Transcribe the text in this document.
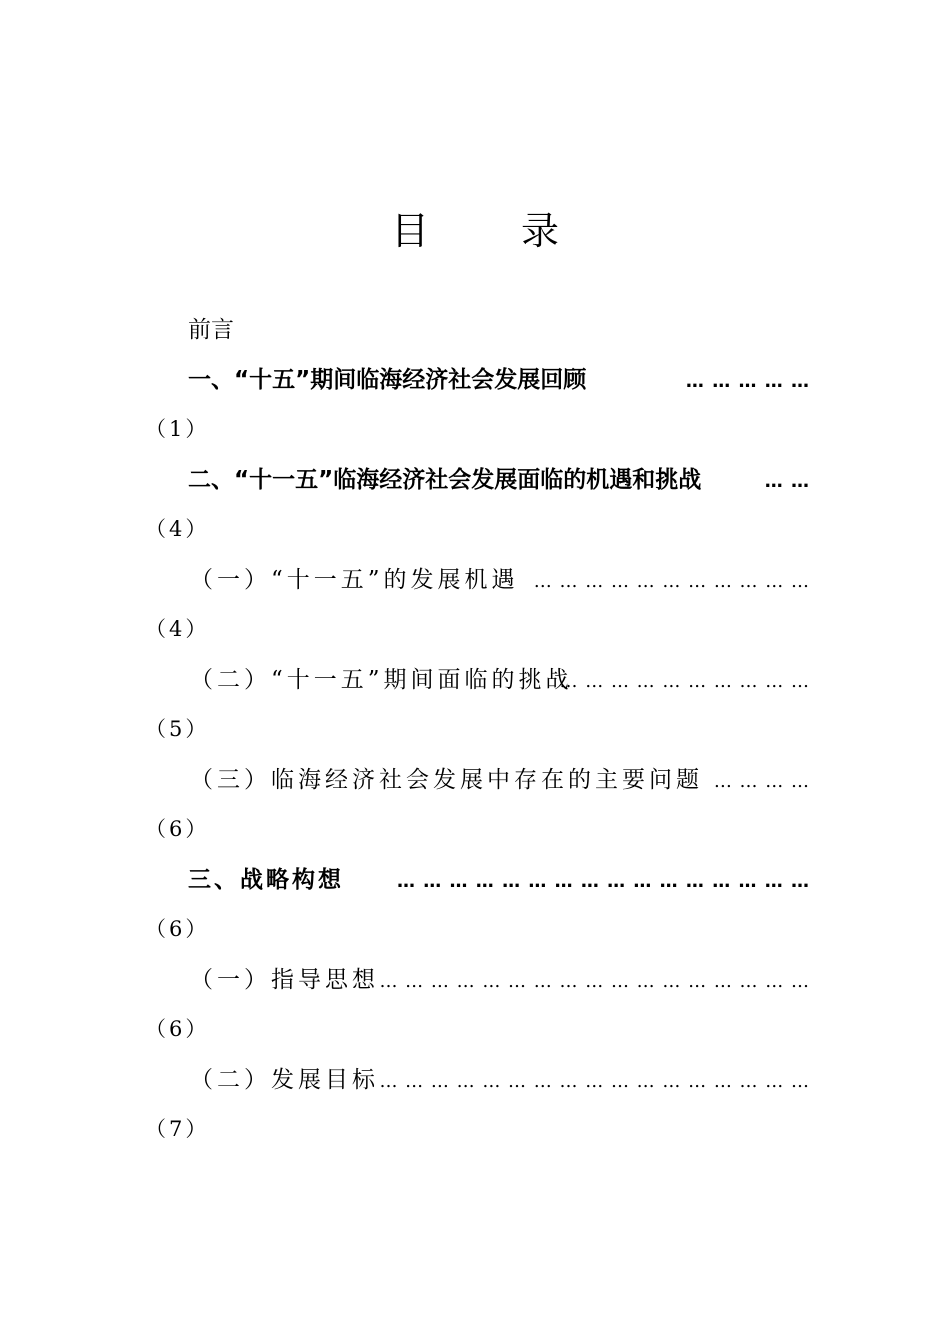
目 录
前言
一、“十五”期间临海经济社会发展回顾	… … … … …
（1）
二、“十一五”临海经济社会发展面临的机遇和挑战	… …
（4）
（一）“十一五”的发展机遇 … … … … … … … … … … …
（4）
（二）“十一五”期间面临的挑战
… … … … … … … … … …
（5）
（三）临海经济社会发展中存在的主要问题 … … … …
（6）
三、战略构想	… … … … … … … … … … … … … … … …
（6）
（一）指导思想 … … … … … … … … … … … … … … … … …
（6）
（二）发展目标 … … … … … … … … … … … … … … … … …
（7）
